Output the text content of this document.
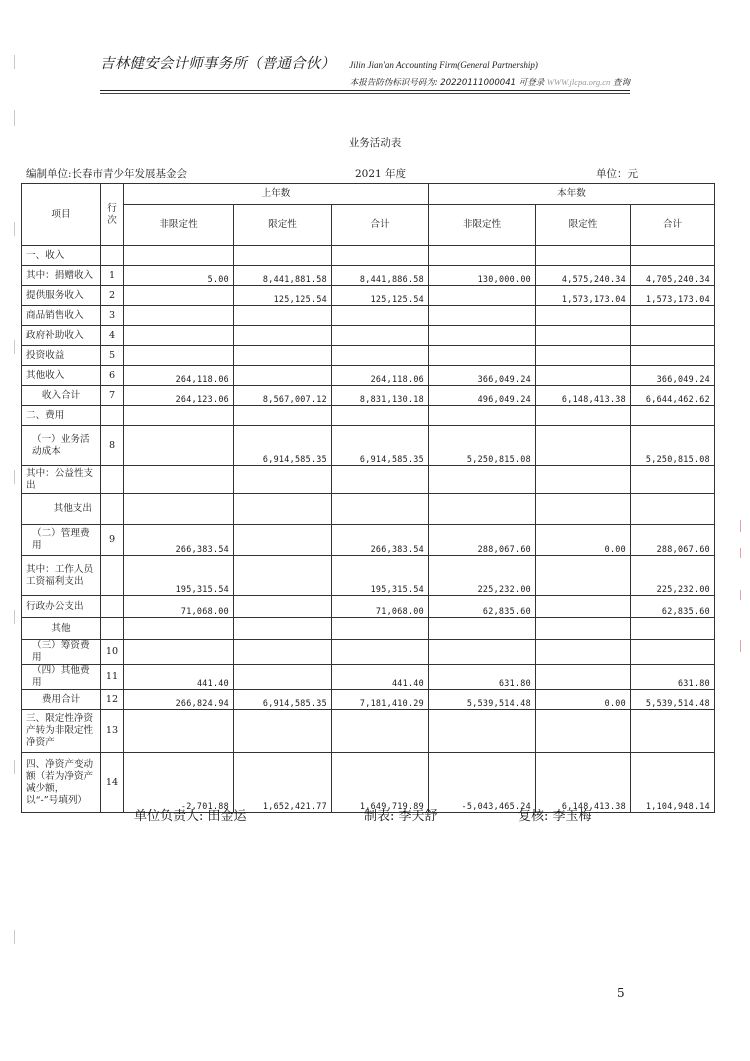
吉林健安会计师事务所（普通合伙） Jilin Jian'an Accounting Firm(General Partnership)
本报告防伪标识号码为: 20220111000041 可登录 WWW.jlcpa.org.cn 查询
业务活动表
编制单位:长春市青少年发展基金会	2021 年度	单位：元
项目	行次	上年数			本年数		
		非限定性	限定性	合计	非限定性	限定性	合计
一、收入							
其中：捐赠收入	1	5.00	8,441,881.58	8,441,886.58	130,000.00	4,575,240.34	4,705,240.34
提供服务收入	2		125,125.54	125,125.54		1,573,173.04	1,573,173.04
商品销售收入	3						
政府补助收入	4						
投资收益	5						
其他收入	6	264,118.06		264,118.06	366,049.24		366,049.24
收入合计	7	264,123.06	8,567,007.12	8,831,130.18	496,049.24	6,148,413.38	6,644,462.62
二、费用							
（一）业务活动成本	8		6,914,585.35	6,914,585.35	5,250,815.08		5,250,815.08
其中：公益性支出							
其他支出							
（二）管理费用	9	266,383.54		266,383.54	288,067.60	0.00	288,067.60
其中：工作人员工资福利支出		195,315.54		195,315.54	225,232.00		225,232.00
行政办公支出		71,068.00		71,068.00	62,835.60		62,835.60
其他							
（三）筹资费用	10						
（四）其他费用	11	441.40		441.40	631.80		631.80
费用合计	12	266,824.94	6,914,585.35	7,181,410.29	5,539,514.48	0.00	5,539,514.48
三、限定性净资产转为非限定性净资产	13						
四、净资产变动额（若为净资产减少额，以“-”号填列）	14	-2,701.88	1,652,421.77	1,649,719.89	-5,043,465.24	6,148,413.38	1,104,948.14
单位负责人: 田金运	制表: 李天舒	复核: 李玉梅
5
